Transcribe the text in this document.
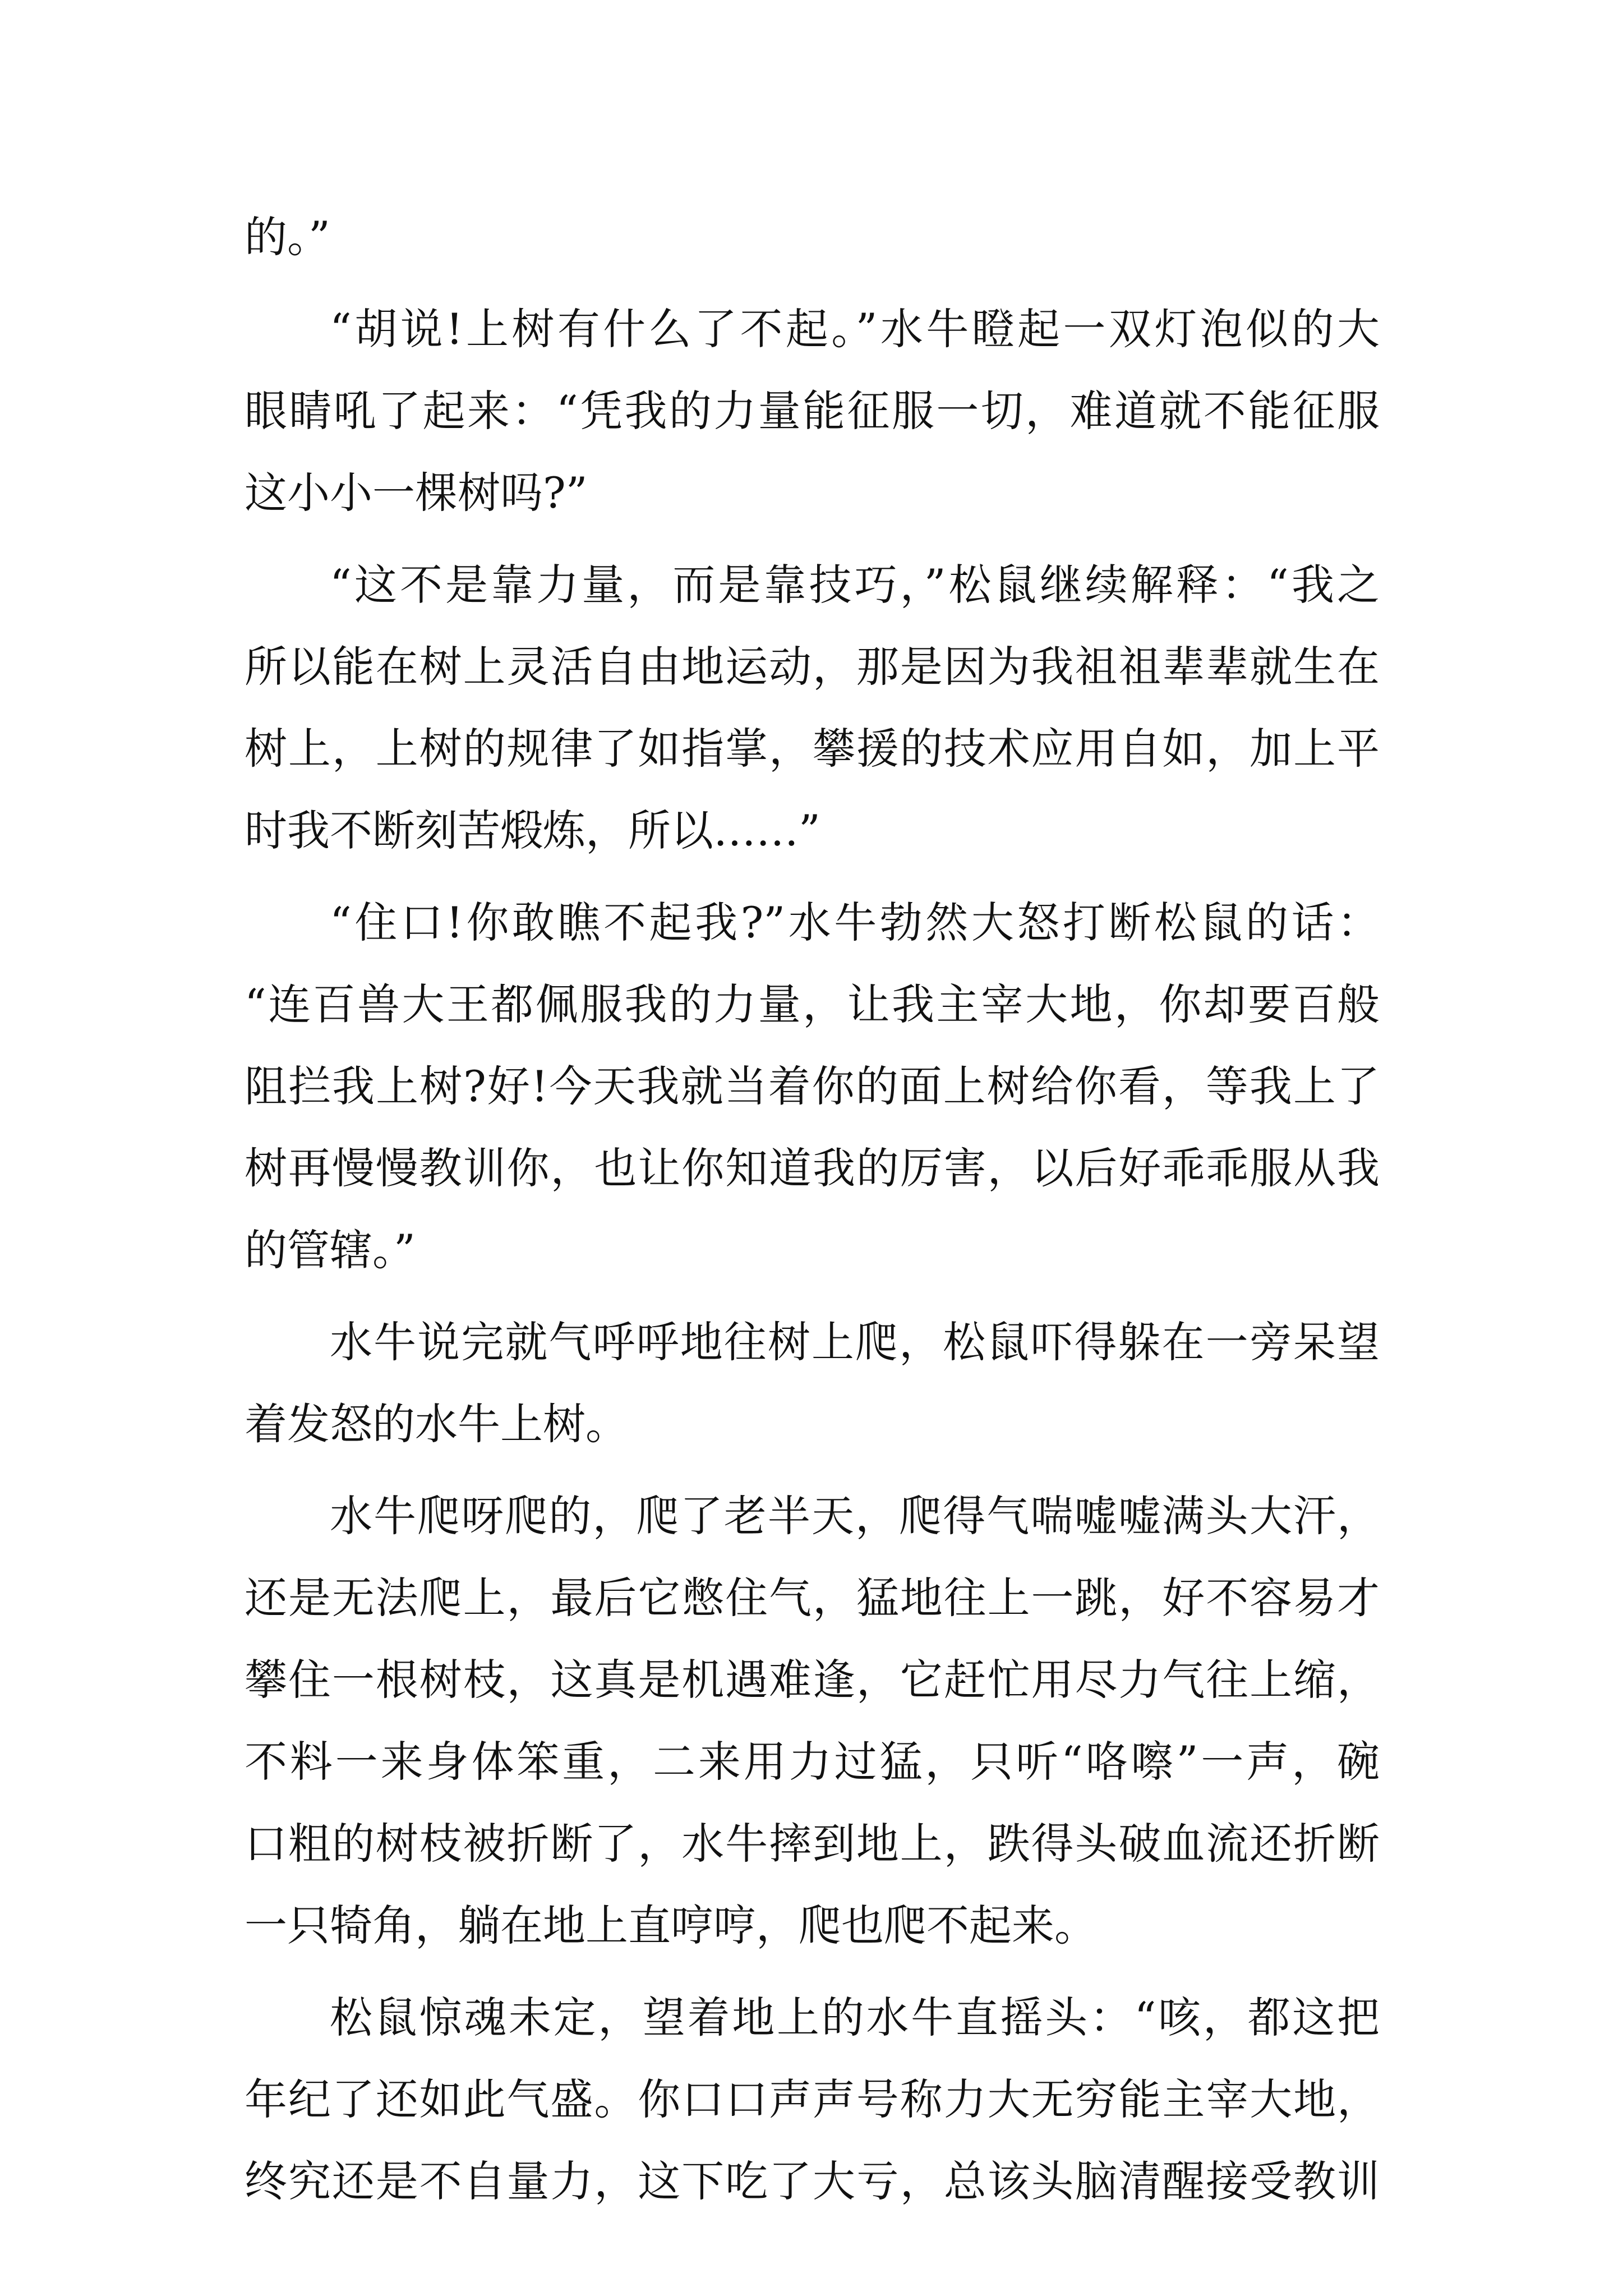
的。”
“胡说!上树有什么了不起。”水牛瞪起一双灯泡似的大
眼睛吼了起来：“凭我的力量能征服一切，难道就不能征服
这小小一棵树吗?”
“这不是靠力量，而是靠技巧，”松鼠继续解释：“我之
所以能在树上灵活自由地运动，那是因为我祖祖辈辈就生在
树上，上树的规律了如指掌，攀援的技术应用自如，加上平
时我不断刻苦煅炼，所以……”
“住口!你敢瞧不起我?”水牛勃然大怒打断松鼠的话：
“连百兽大王都佩服我的力量，让我主宰大地，你却要百般
阻拦我上树?好!今天我就当着你的面上树给你看，等我上了
树再慢慢教训你，也让你知道我的厉害，以后好乖乖服从我
的管辖。”
水牛说完就气呼呼地往树上爬，松鼠吓得躲在一旁呆望
着发怒的水牛上树。
水牛爬呀爬的，爬了老半天，爬得气喘嘘嘘满头大汗，
还是无法爬上，最后它憋住气，猛地往上一跳，好不容易才
攀住一根树枝，这真是机遇难逢，它赶忙用尽力气往上缩，
不料一来身体笨重，二来用力过猛，只听“咯嚓”一声，碗
口粗的树枝被折断了，水牛摔到地上，跌得头破血流还折断
一只犄角，躺在地上直哼哼，爬也爬不起来。
松鼠惊魂未定，望着地上的水牛直摇头：“咳，都这把
年纪了还如此气盛。你口口声声号称力大无穷能主宰大地，
终究还是不自量力，这下吃了大亏，总该头脑清醒接受教训
